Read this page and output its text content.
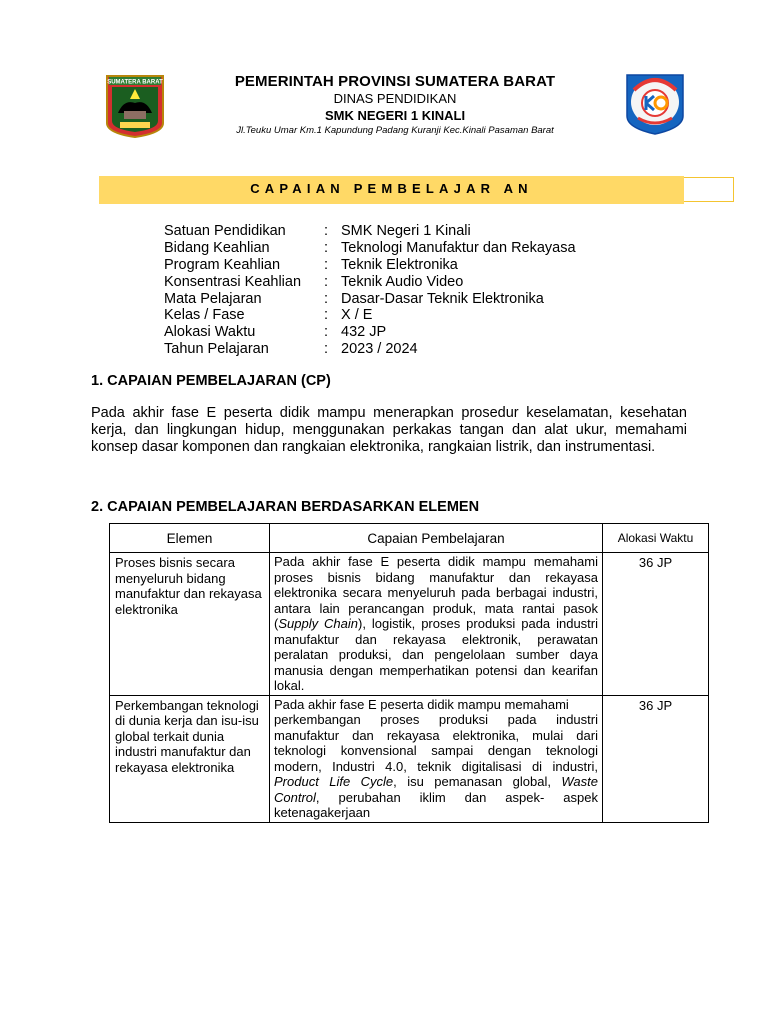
SUMATERA BARAT	PEMERINTAH PROVINSI SUMATERA BARAT
DINAS PENDIDIKAN
SMK NEGERI 1 KINALI
Jl.Teuku Umar Km.1 Kapundung Padang Kuranji Kec.Kinali Pasaman Barat
CAPAIAN PEMBELAJAR AN
Satuan Pendidikan	: SMK Negeri 1 Kinali
Bidang Keahlian	: Teknologi Manufaktur dan Rekayasa
Program Keahlian	: Teknik Elektronika
Konsentrasi Keahlian	: Teknik Audio Video
Mata Pelajaran	: Dasar-Dasar Teknik Elektronika
Kelas / Fase	: X / E
Alokasi Waktu	: 432 JP
Tahun Pelajaran	: 2023 / 2024
1. CAPAIAN PEMBELAJARAN (CP)
Pada akhir fase E peserta didik mampu menerapkan prosedur keselamatan, kesehatan kerja, dan lingkungan hidup, menggunakan perkakas tangan dan alat ukur, memahami konsep dasar komponen dan rangkaian elektronika, rangkaian listrik, dan instrumentasi.
2. CAPAIAN PEMBELAJARAN BERDASARKAN ELEMEN
Elemen	Capaian Pembelajaran	Alokasi Waktu
Proses bisnis secara menyeluruh bidang manufaktur dan rekayasa elektronika	Pada akhir fase E peserta didik mampu memahami proses bisnis bidang manufaktur dan rekayasa elektronika secara menyeluruh pada berbagai industri, antara lain perancangan produk, mata rantai pasok (Supply Chain), logistik, proses produksi pada industri manufaktur dan rekayasa elektronik, perawatan peralatan produksi, dan pengelolaan sumber daya manusia dengan memperhatikan potensi dan kearifan lokal.	36 JP
Perkembangan teknologi di dunia kerja dan isu-isu global terkait dunia industri manufaktur dan rekayasa elektronika	Pada akhir fase E peserta didik mampu memahami
perkembangan proses produksi pada industri manufaktur dan rekayasa elektronika, mulai dari teknologi konvensional sampai dengan teknologi modern, Industri 4.0, teknik digitalisasi di industri, Product Life Cycle, isu pemanasan global, Waste Control, perubahan iklim dan aspek- aspek ketenagakerjaan	36 JP
